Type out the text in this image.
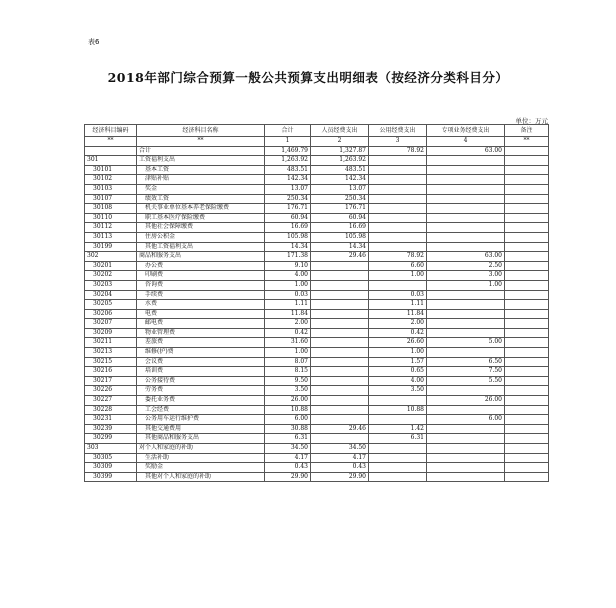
表6
2018年部门综合预算一般公共预算支出明细表（按经济分类科目分）
单位：万元
经济科目编码	经济科目名称	合计	人员经费支出	公用经费支出	专项业务经费支出	备注
**	**	1	2	3	4	**
	合计	1,469.79	1,327.87	78.92	63.00	
301	工资福利支出	1,263.92	1,263.92			
30101	基本工资	483.51	483.51			
30102	津贴补贴	142.34	142.34			
30103	奖金	13.07	13.07			
30107	绩效工资	250.34	250.34			
30108	机关事业单位基本养老保险缴费	176.71	176.71			
30110	职工基本医疗保险缴费	60.94	60.94			
30112	其他社会保障缴费	16.69	16.69			
30113	住房公积金	105.98	105.98			
30199	其他工资福利支出	14.34	14.34			
302	商品和服务支出	171.38	29.46	78.92	63.00	
30201	办公费	9.10		6.60	2.50	
30202	印刷费	4.00		1.00	3.00	
30203	咨询费	1.00			1.00	
30204	手续费	0.03		0.03		
30205	水费	1.11		1.11		
30206	电费	11.84		11.84		
30207	邮电费	2.00		2.00		
30209	物业管理费	0.42		0.42		
30211	差旅费	31.60		26.60	5.00	
30213	维修(护)费	1.00		1.00		
30215	会议费	8.07		1.57	6.50	
30216	培训费	8.15		0.65	7.50	
30217	公务接待费	9.50		4.00	5.50	
30226	劳务费	3.50		3.50		
30227	委托业务费	26.00			26.00	
30228	工会经费	10.88		10.88		
30231	公务用车运行维护费	6.00			6.00	
30239	其他交通费用	30.88	29.46	1.42		
30299	其他商品和服务支出	6.31		6.31		
303	对个人和家庭的补助	34.50	34.50			
30305	生活补助	4.17	4.17			
30309	奖励金	0.43	0.43			
30399	其他对个人和家庭的补助	29.90	29.90			
